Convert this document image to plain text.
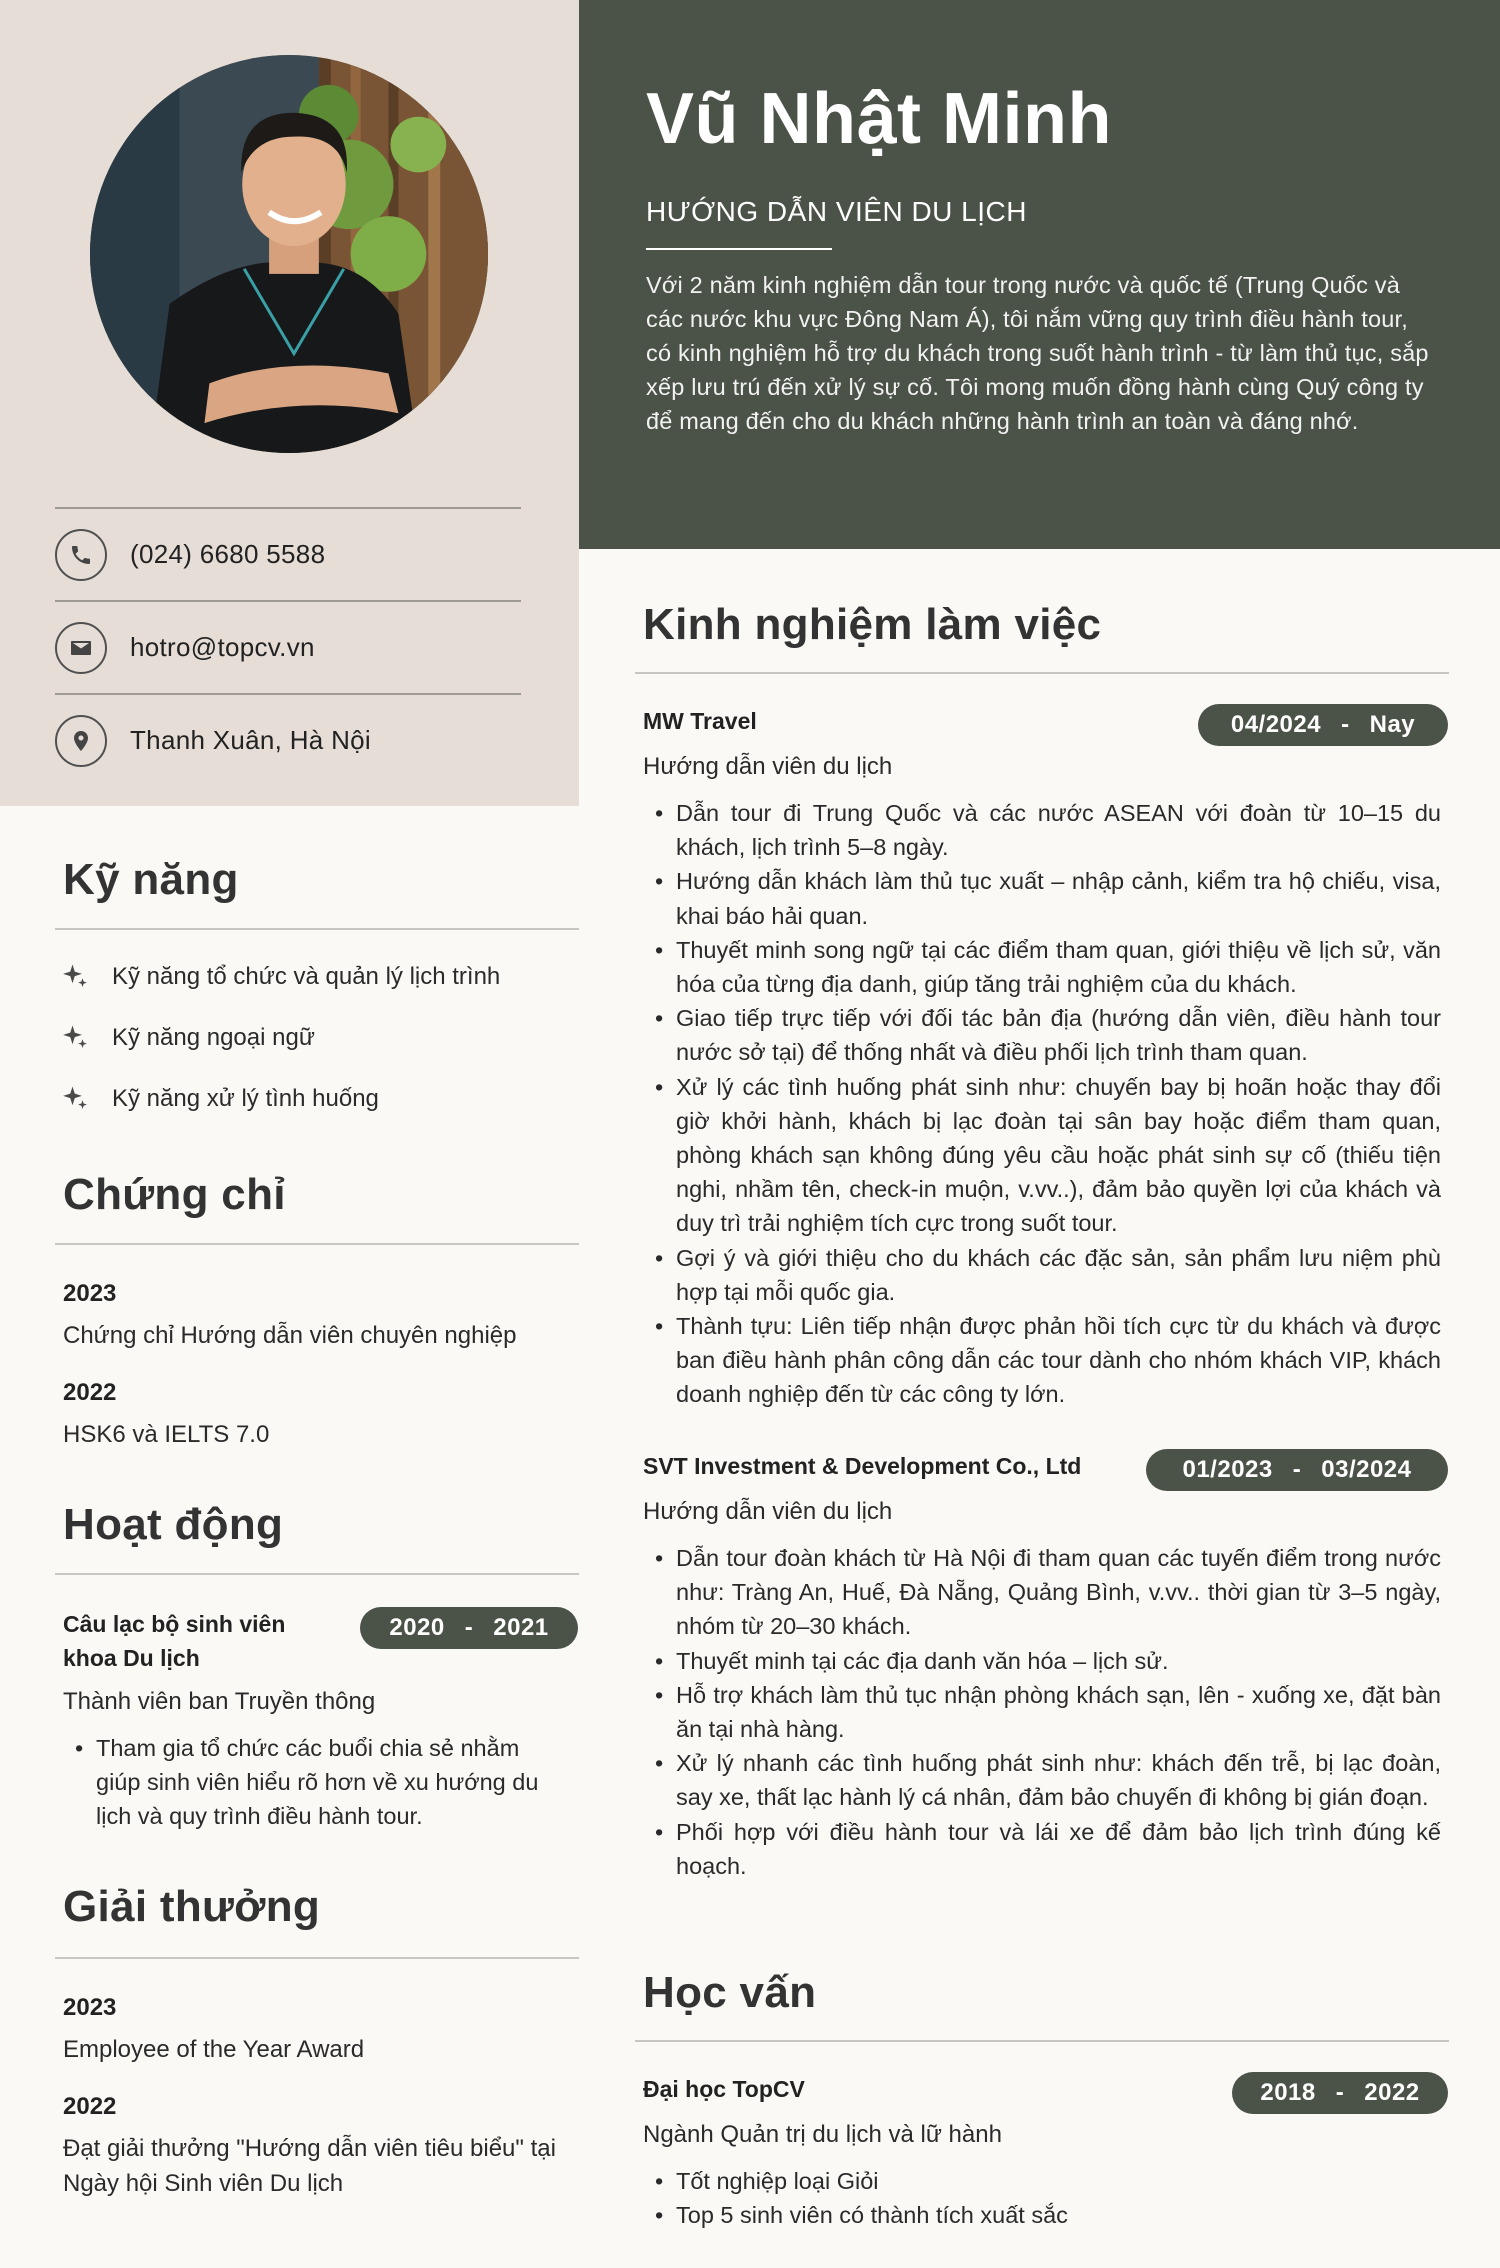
(024) 6680 5588
hotro@topcv.vn
Thanh Xuân, Hà Nội
Vũ Nhật Minh
HƯỚNG DẪN VIÊN DU LỊCH
Với 2 năm kinh nghiệm dẫn tour trong nước và quốc tế (Trung Quốc và các nước khu vực Đông Nam Á), tôi nắm vững quy trình điều hành tour, có kinh nghiệm hỗ trợ du khách trong suốt hành trình - từ làm thủ tục, sắp xếp lưu trú đến xử lý sự cố. Tôi mong muốn đồng hành cùng Quý công ty để mang đến cho du khách những hành trình an toàn và đáng nhớ.
Kỹ năng
Kỹ năng tổ chức và quản lý lịch trình
Kỹ năng ngoại ngữ
Kỹ năng xử lý tình huống
Chứng chỉ
2023
Chứng chỉ Hướng dẫn viên chuyên nghiệp
2022
HSK6 và IELTS 7.0
Hoạt động
Câu lạc bộ sinh viên
khoa Du lịch
2020 - 2021
Thành viên ban Truyền thông
• Tham gia tổ chức các buổi chia sẻ nhằm giúp sinh viên hiểu rõ hơn về xu hướng du lịch và quy trình điều hành tour.
Giải thưởng
2023
Employee of the Year Award
2022
Đạt giải thưởng "Hướng dẫn viên tiêu biểu" tại Ngày hội Sinh viên Du lịch
Kinh nghiệm làm việc
MW Travel	04/2024 - Nay
Hướng dẫn viên du lịch
• Dẫn tour đi Trung Quốc và các nước ASEAN với đoàn từ 10–15 du khách, lịch trình 5–8 ngày.
• Hướng dẫn khách làm thủ tục xuất – nhập cảnh, kiểm tra hộ chiếu, visa, khai báo hải quan.
• Thuyết minh song ngữ tại các điểm tham quan, giới thiệu về lịch sử, văn hóa của từng địa danh, giúp tăng trải nghiệm của du khách.
• Giao tiếp trực tiếp với đối tác bản địa (hướng dẫn viên, điều hành tour nước sở tại) để thống nhất và điều phối lịch trình tham quan.
• Xử lý các tình huống phát sinh như: chuyến bay bị hoãn hoặc thay đổi giờ khởi hành, khách bị lạc đoàn tại sân bay hoặc điểm tham quan, phòng khách sạn không đúng yêu cầu hoặc phát sinh sự cố (thiếu tiện nghi, nhầm tên, check-in muộn, v.vv..), đảm bảo quyền lợi của khách và duy trì trải nghiệm tích cực trong suốt tour.
• Gợi ý và giới thiệu cho du khách các đặc sản, sản phẩm lưu niệm phù hợp tại mỗi quốc gia.
• Thành tựu: Liên tiếp nhận được phản hồi tích cực từ du khách và được ban điều hành phân công dẫn các tour dành cho nhóm khách VIP, khách doanh nghiệp đến từ các công ty lớn.
SVT Investment & Development Co., Ltd	01/2023 - 03/2024
Hướng dẫn viên du lịch
• Dẫn tour đoàn khách từ Hà Nội đi tham quan các tuyến điểm trong nước như: Tràng An, Huế, Đà Nẵng, Quảng Bình, v.vv.. thời gian từ 3–5 ngày, nhóm từ 20–30 khách.
• Thuyết minh tại các địa danh văn hóa – lịch sử.
• Hỗ trợ khách làm thủ tục nhận phòng khách sạn, lên - xuống xe, đặt bàn ăn tại nhà hàng.
• Xử lý nhanh các tình huống phát sinh như: khách đến trễ, bị lạc đoàn, say xe, thất lạc hành lý cá nhân, đảm bảo chuyến đi không bị gián đoạn.
• Phối hợp với điều hành tour và lái xe để đảm bảo lịch trình đúng kế hoạch.
Học vấn
Đại học TopCV	2018 - 2022
Ngành Quản trị du lịch và lữ hành
• Tốt nghiệp loại Giỏi
• Top 5 sinh viên có thành tích xuất sắc
